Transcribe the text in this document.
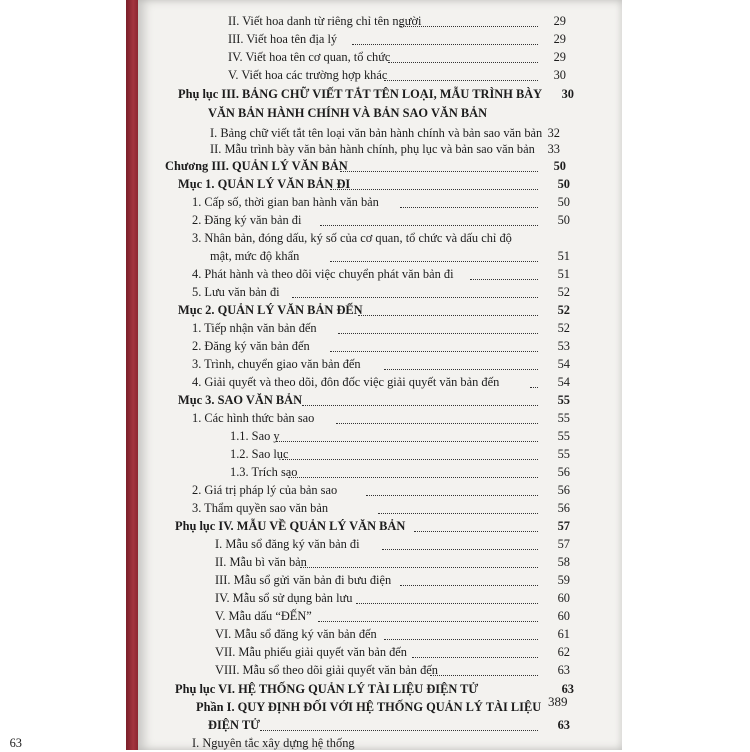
II. Viết hoa danh từ riêng chỉ tên người	29
III. Viết hoa tên địa lý	29
IV. Viết hoa tên cơ quan, tổ chức	29
V. Viết hoa các trường hợp khác	30
Phụ lục III. BẢNG CHỮ VIẾT TẮT TÊN LOẠI, MẪU TRÌNH BÀY	30
VĂN BẢN HÀNH CHÍNH VÀ BẢN SAO VĂN BẢN
I. Bảng chữ viết tắt tên loại văn bản hành chính và bản sao văn bản 32
II. Mẫu trình bày văn bản hành chính, phụ lục và bản sao văn bản	33
Chương III. QUẢN LÝ VĂN BẢN	50
Mục 1. QUẢN LÝ VĂN BẢN ĐI	50
1. Cấp số, thời gian ban hành văn bản	50
2. Đăng ký văn bản đi	50
3. Nhân bản, đóng dấu, ký số của cơ quan, tổ chức và dấu chỉ độ
mật, mức độ khẩn	51
4. Phát hành và theo dõi việc chuyển phát văn bản đi	51
5. Lưu văn bản đi	52
Mục 2. QUẢN LÝ VĂN BẢN ĐẾN	52
1. Tiếp nhận văn bản đến	52
2. Đăng ký văn bản đến	53
3. Trình, chuyển giao văn bản đến	54
4. Giải quyết và theo dõi, đôn đốc việc giải quyết văn bản đến	54
Mục 3. SAO VĂN BẢN	55
1. Các hình thức bản sao	55
1.1. Sao y	55
1.2. Sao lục	55
1.3. Trích sao	56
2. Giá trị pháp lý của bản sao	56
3. Thẩm quyền sao văn bản	56
Phụ lục IV. MẪU VỀ QUẢN LÝ VĂN BẢN	57
I. Mẫu sổ đăng ký văn bản đi	57
II. Mẫu bì văn bản	58
III. Mẫu sổ gửi văn bản đi bưu điện	59
IV. Mẫu sổ sử dụng bản lưu	60
V. Mẫu dấu “ĐẾN”	60
VI. Mẫu sổ đăng ký văn bản đến	61
VII. Mẫu phiếu giải quyết văn bản đến	62
VIII. Mẫu sổ theo dõi giải quyết văn bản đến	63
Phụ lục VI. HỆ THỐNG QUẢN LÝ TÀI LIỆU ĐIỆN TỬ	63
Phần I. QUY ĐỊNH ĐỐI VỚI HỆ THỐNG QUẢN LÝ TÀI LIỆU
ĐIỆN TỬ	63
I. Nguyên tắc xây dựng hệ thống
63
389
